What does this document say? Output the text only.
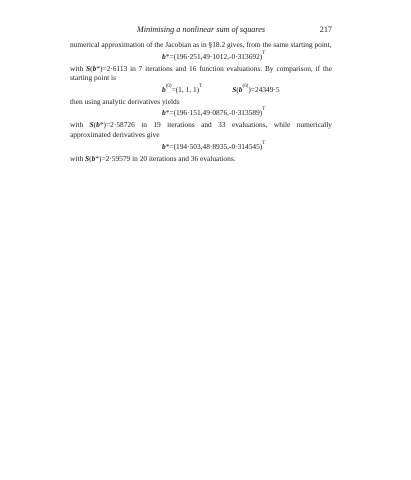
Minimising a nonlinear sum of squares	217

numerical approximation of the Jacobian as in §18.2 gives, from the same starting point,

$b*=(196\cdot 251,49\cdot 1012,-0\cdot 313692)^T$

with S(b*)=2·6113 in 7 iterations and 16 function evaluations. By comparison, if the starting point is

$b^{(0)}=(1$, 1, 1)$^T$	$S(b^{(0)})=24349\cdot 5$

then using analytic derivatives yields

$b*=(196\cdot 151,49\cdot 0876,-0\cdot 313589)^T$

with S(b*)=2·58726 in 19 iterations and 33 evaluations, while numerically approximated derivatives give

$b*=(194\cdot 503,48\cdot 8935,-0\cdot 314545)^T$

with S(b*)=2·59579 in 20 iterations and 36 evaluations.
